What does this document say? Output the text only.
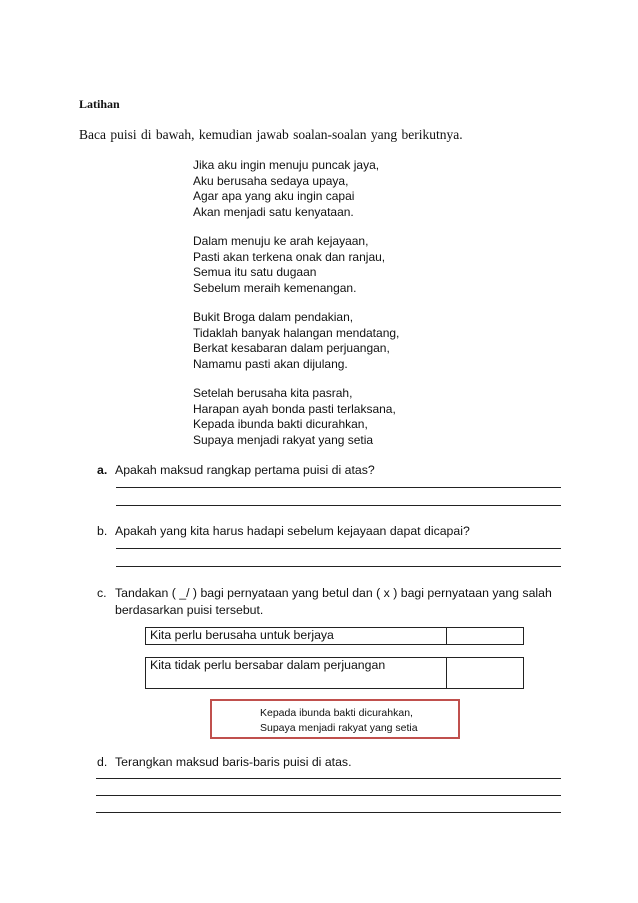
Latihan
Baca puisi di bawah, kemudian jawab soalan-soalan yang berikutnya.
Jika aku ingin menuju puncak jaya,
Aku berusaha sedaya upaya,
Agar apa yang aku ingin capai
Akan menjadi satu kenyataan.
Dalam menuju ke arah kejayaan,
Pasti akan terkena onak dan ranjau,
Semua itu satu dugaan
Sebelum meraih kemenangan.
Bukit Broga dalam pendakian,
Tidaklah banyak halangan mendatang,
Berkat kesabaran dalam perjuangan,
Namamu pasti akan dijulang.
Setelah berusaha kita pasrah,
Harapan ayah bonda pasti terlaksana,
Kepada ibunda bakti dicurahkan,
Supaya menjadi rakyat yang setia
a. Apakah maksud rangkap pertama puisi di atas?
b. Apakah yang kita harus hadapi sebelum kejayaan dapat dicapai?
c. Tandakan ( _/ ) bagi pernyataan yang betul dan ( x ) bagi pernyataan yang salah
berdasarkan puisi tersebut.
Kita perlu berusaha untuk berjaya	
Kita tidak perlu bersabar dalam perjuangan	
Kepada ibunda bakti dicurahkan,
Supaya menjadi rakyat yang setia
d. Terangkan maksud baris-baris puisi di atas.
